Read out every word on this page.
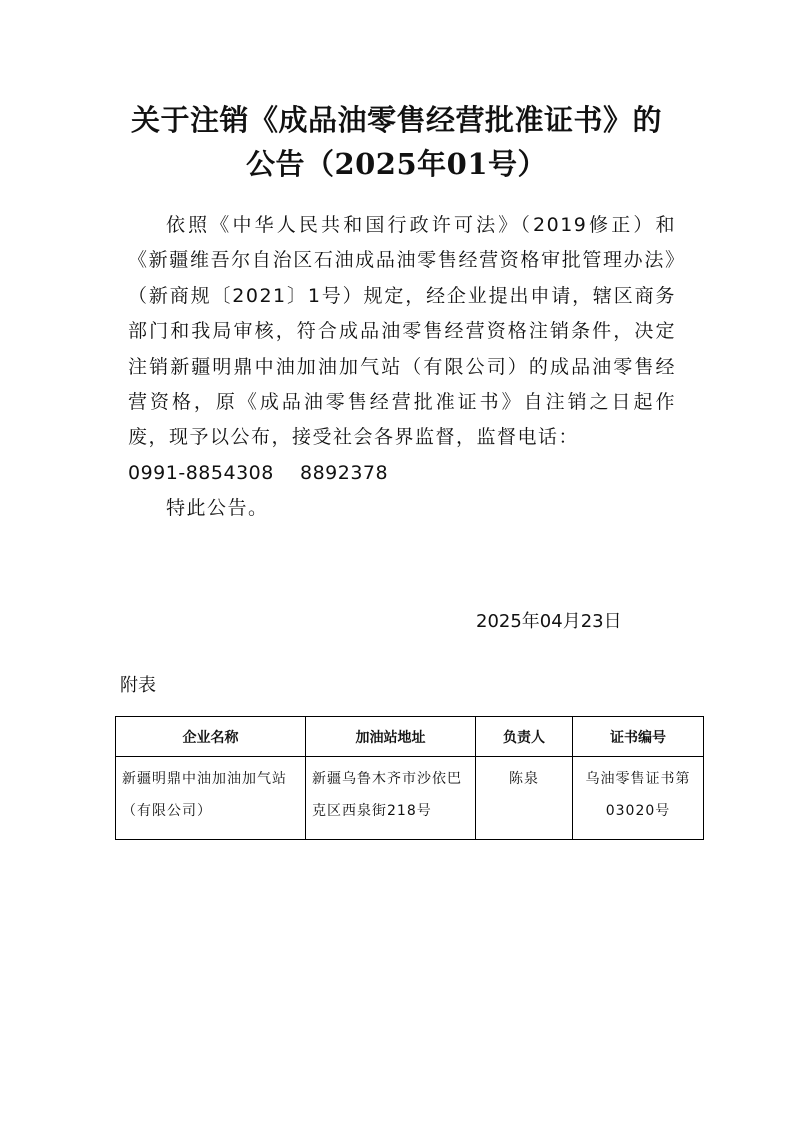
关于注销《成品油零售经营批准证书》的
公告（2025年01号）
依照《中华人民共和国行政许可法》（2019修正）和《新疆维吾尔自治区石油成品油零售经营资格审批管理办法》（新商规〔2021〕1号）规定，经企业提出申请，辖区商务部门和我局审核，符合成品油零售经营资格注销条件，决定注销新疆明鼎中油加油加气站（有限公司）的成品油零售经营资格，原《成品油零售经营批准证书》自注销之日起作废，现予以公布，接受社会各界监督，监督电话：
0991-8854308    8892378
特此公告。
2025年04月23日
附表
企业名称	加油站地址	负责人	证书编号
新疆明鼎中油加油加气站（有限公司）	新疆乌鲁木齐市沙依巴克区西泉街218号	陈泉	乌油零售证书第03020号
